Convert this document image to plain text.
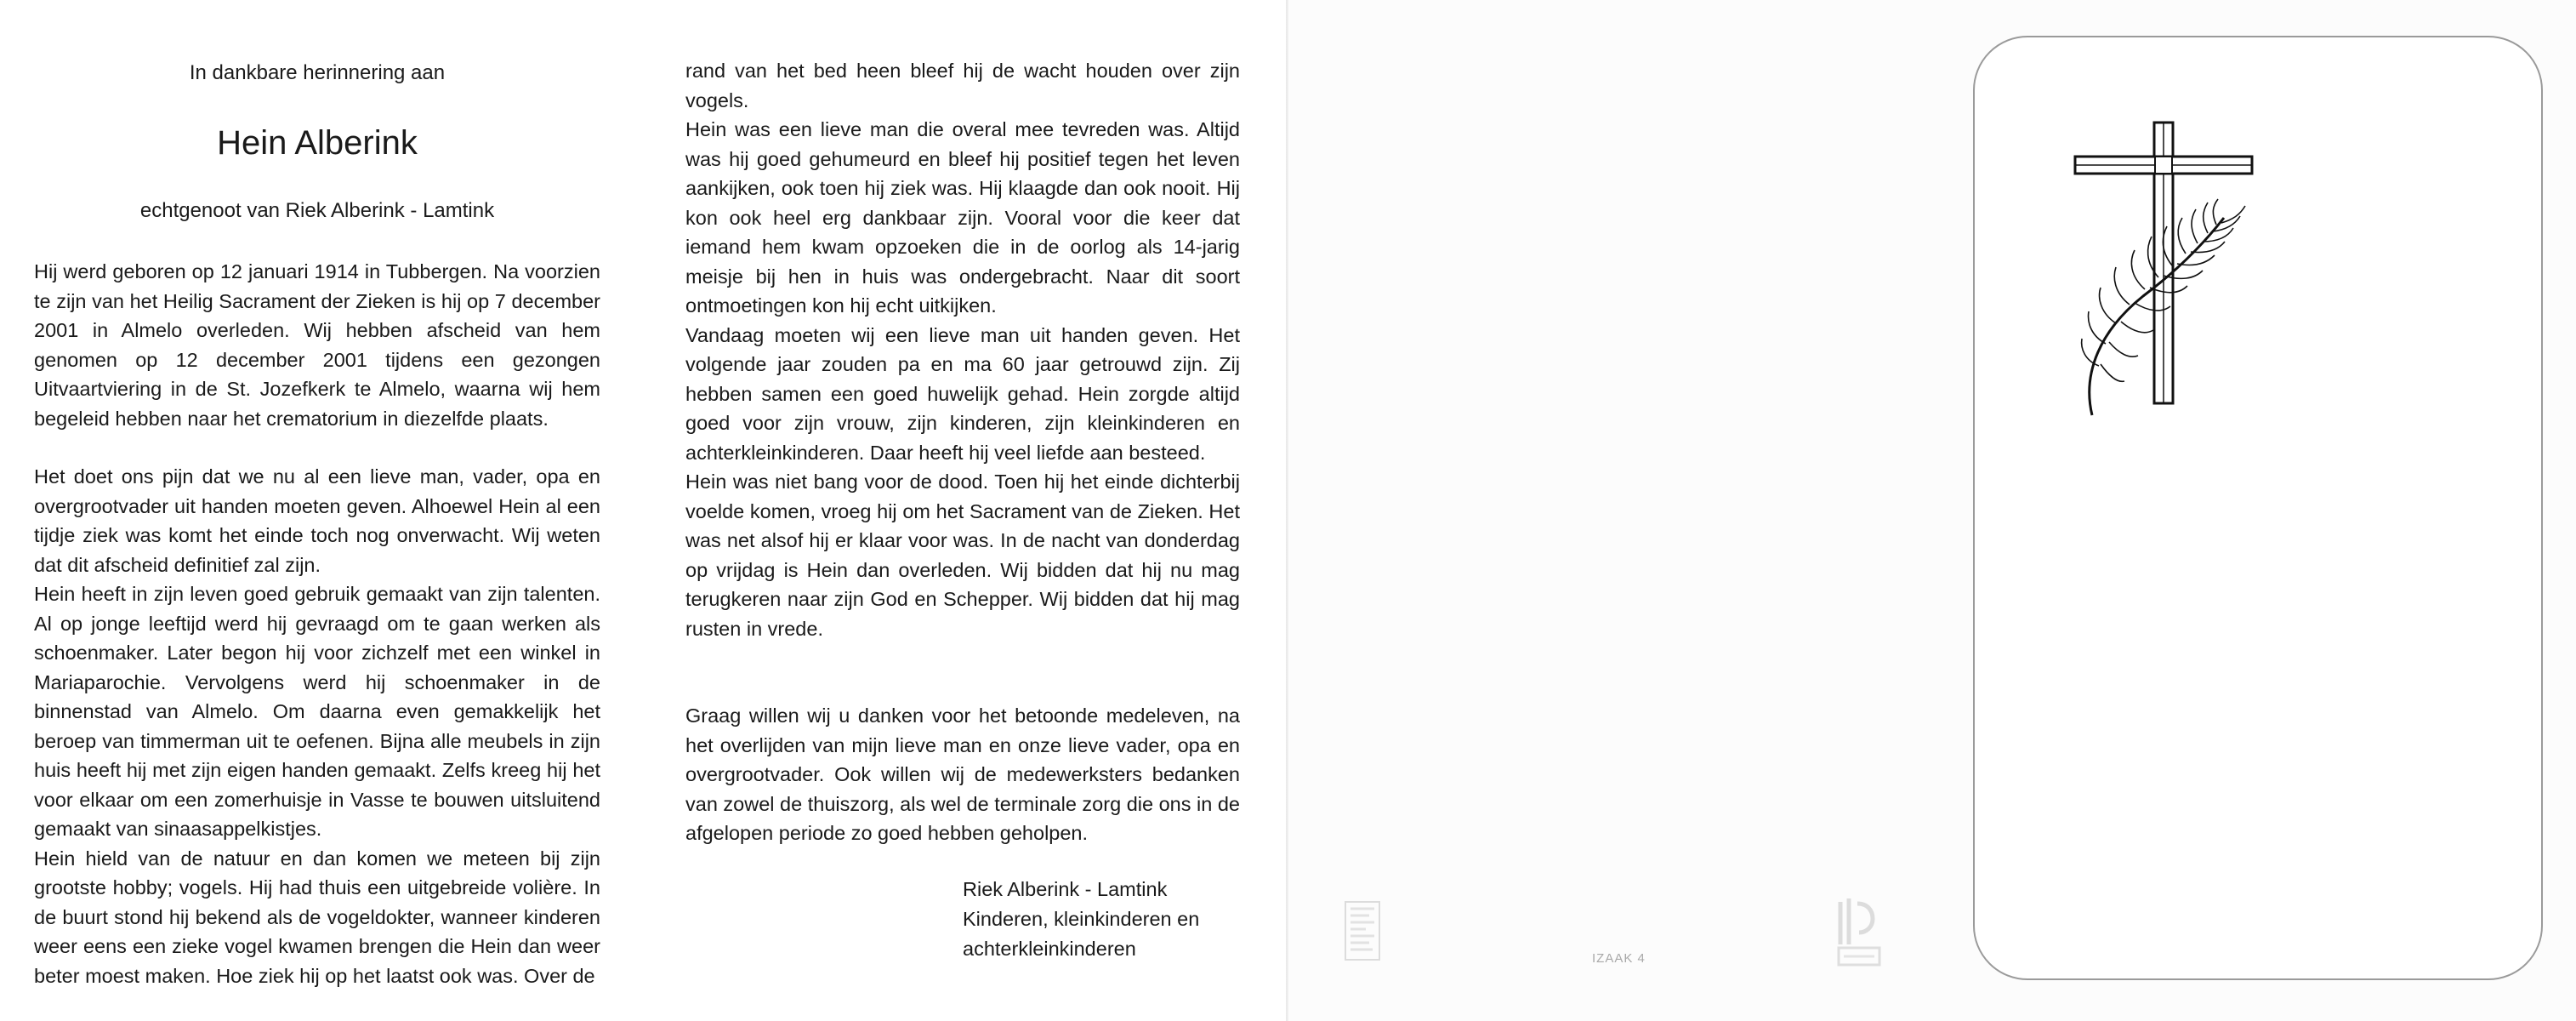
In dankbare herinnering aan
Hein Alberink
echtgenoot van Riek Alberink - Lamtink

Hij werd geboren op 12 januari 1914 in Tubbergen. Na voorzien te zijn van het Heilig Sacrament der Zieken is hij op 7 december 2001 in Almelo overleden. Wij hebben afscheid van hem genomen op 12 december 2001 tijdens een gezongen Uitvaartviering in de St. Jozefkerk te Almelo, waarna wij hem begeleid hebben naar het crematorium in diezelfde plaats.

Het doet ons pijn dat we nu al een lieve man, vader, opa en overgrootvader uit handen moeten geven. Alhoewel Hein al een tijdje ziek was komt het einde toch nog onverwacht. Wij weten dat dit afscheid definitief zal zijn.

Hein heeft in zijn leven goed gebruik gemaakt van zijn talenten. Al op jonge leeftijd werd hij gevraagd om te gaan werken als schoenmaker. Later begon hij voor zichzelf met een winkel in Mariaparochie. Vervolgens werd hij schoenmaker in de binnenstad van Almelo. Om daarna even gemakkelijk het beroep van timmerman uit te oefenen. Bijna alle meubels in zijn huis heeft hij met zijn eigen handen gemaakt. Zelfs kreeg hij het voor elkaar om een zomerhuisje in Vasse te bouwen uitsluitend gemaakt van sinaasappelkistjes.

Hein hield van de natuur en dan komen we meteen bij zijn grootste hobby; vogels. Hij had thuis een uitgebreide volière. In de buurt stond hij bekend als de vogeldokter, wanneer kinderen weer eens een zieke vogel kwamen brengen die Hein dan weer beter moest maken. Hoe ziek hij op het laatst ook was. Over de

rand van het bed heen bleef hij de wacht houden over zijn vogels.

Hein was een lieve man die overal mee tevreden was. Altijd was hij goed gehumeurd en bleef hij positief tegen het leven aankijken, ook toen hij ziek was. Hij klaagde dan ook nooit. Hij kon ook heel erg dankbaar zijn. Vooral voor die keer dat iemand hem kwam opzoeken die in de oorlog als 14-jarig meisje bij hen in huis was ondergebracht. Naar dit soort ontmoetingen kon hij echt uitkijken.

Vandaag moeten wij een lieve man uit handen geven. Het volgende jaar zouden pa en ma 60 jaar getrouwd zijn. Zij hebben samen een goed huwelijk gehad. Hein zorgde altijd goed voor zijn vrouw, zijn kinderen, zijn kleinkinderen en achterkleinkinderen. Daar heeft hij veel liefde aan besteed.

Hein was niet bang voor de dood. Toen hij het einde dichterbij voelde komen, vroeg hij om het Sacrament van de Zieken. Het was net alsof hij er klaar voor was. In de nacht van donderdag op vrijdag is Hein dan overleden. Wij bidden dat hij nu mag terugkeren naar zijn God en Schepper. Wij bidden dat hij mag rusten in vrede.

Graag willen wij u danken voor het betoonde medeleven, na het overlijden van mijn lieve man en onze lieve vader, opa en overgrootvader. Ook willen wij de medewerksters bedanken van zowel de thuiszorg, als wel de terminale zorg die ons in de afgelopen periode zo goed hebben geholpen.

Riek Alberink - Lamtink
Kinderen, kleinkinderen en
achterkleinkinderen	IZAAK 4
